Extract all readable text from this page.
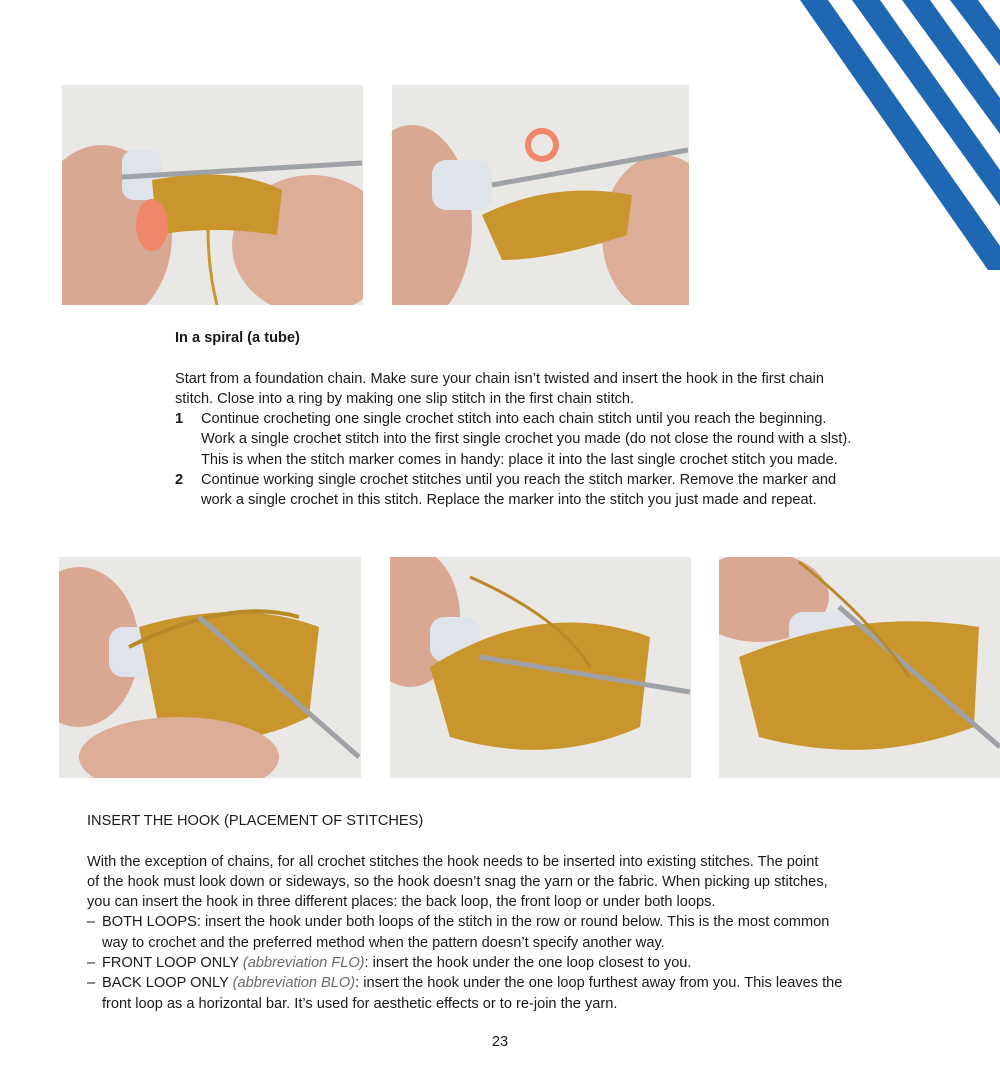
In a spiral (a tube)

Start from a foundation chain. Make sure your chain isn’t twisted and insert the hook in the first chain
stitch. Close into a ring by making one slip stitch in the first chain stitch.

1 Continue crocheting one single crochet stitch into each chain stitch until you reach the beginning.
Work a single crochet stitch into the first single crochet you made (do not close the round with a slst).
This is when the stitch marker comes in handy: place it into the last single crochet stitch you made.
2 Continue working single crochet stitches until you reach the stitch marker. Remove the marker and
work a single crochet in this stitch. Replace the marker into the stitch you just made and repeat.
INSERT THE HOOK (PLACEMENT OF STITCHES)

With the exception of chains, for all crochet stitches the hook needs to be inserted into existing stitches. The point
of the hook must look down or sideways, so the hook doesn’t snag the yarn or the fabric. When picking up stitches,
you can insert the hook in three different places: the back loop, the front loop or under both loops.

– BOTH LOOPS: insert the hook under both loops of the stitch in the row or round below. This is the most common
way to crochet and the preferred method when the pattern doesn’t specify another way.
– FRONT LOOP ONLY (abbreviation FLO): insert the hook under the one loop closest to you.
– BACK LOOP ONLY (abbreviation BLO): insert the hook under the one loop furthest away from you. This leaves the
front loop as a horizontal bar. It’s used for aesthetic effects or to re-join the yarn.
23
